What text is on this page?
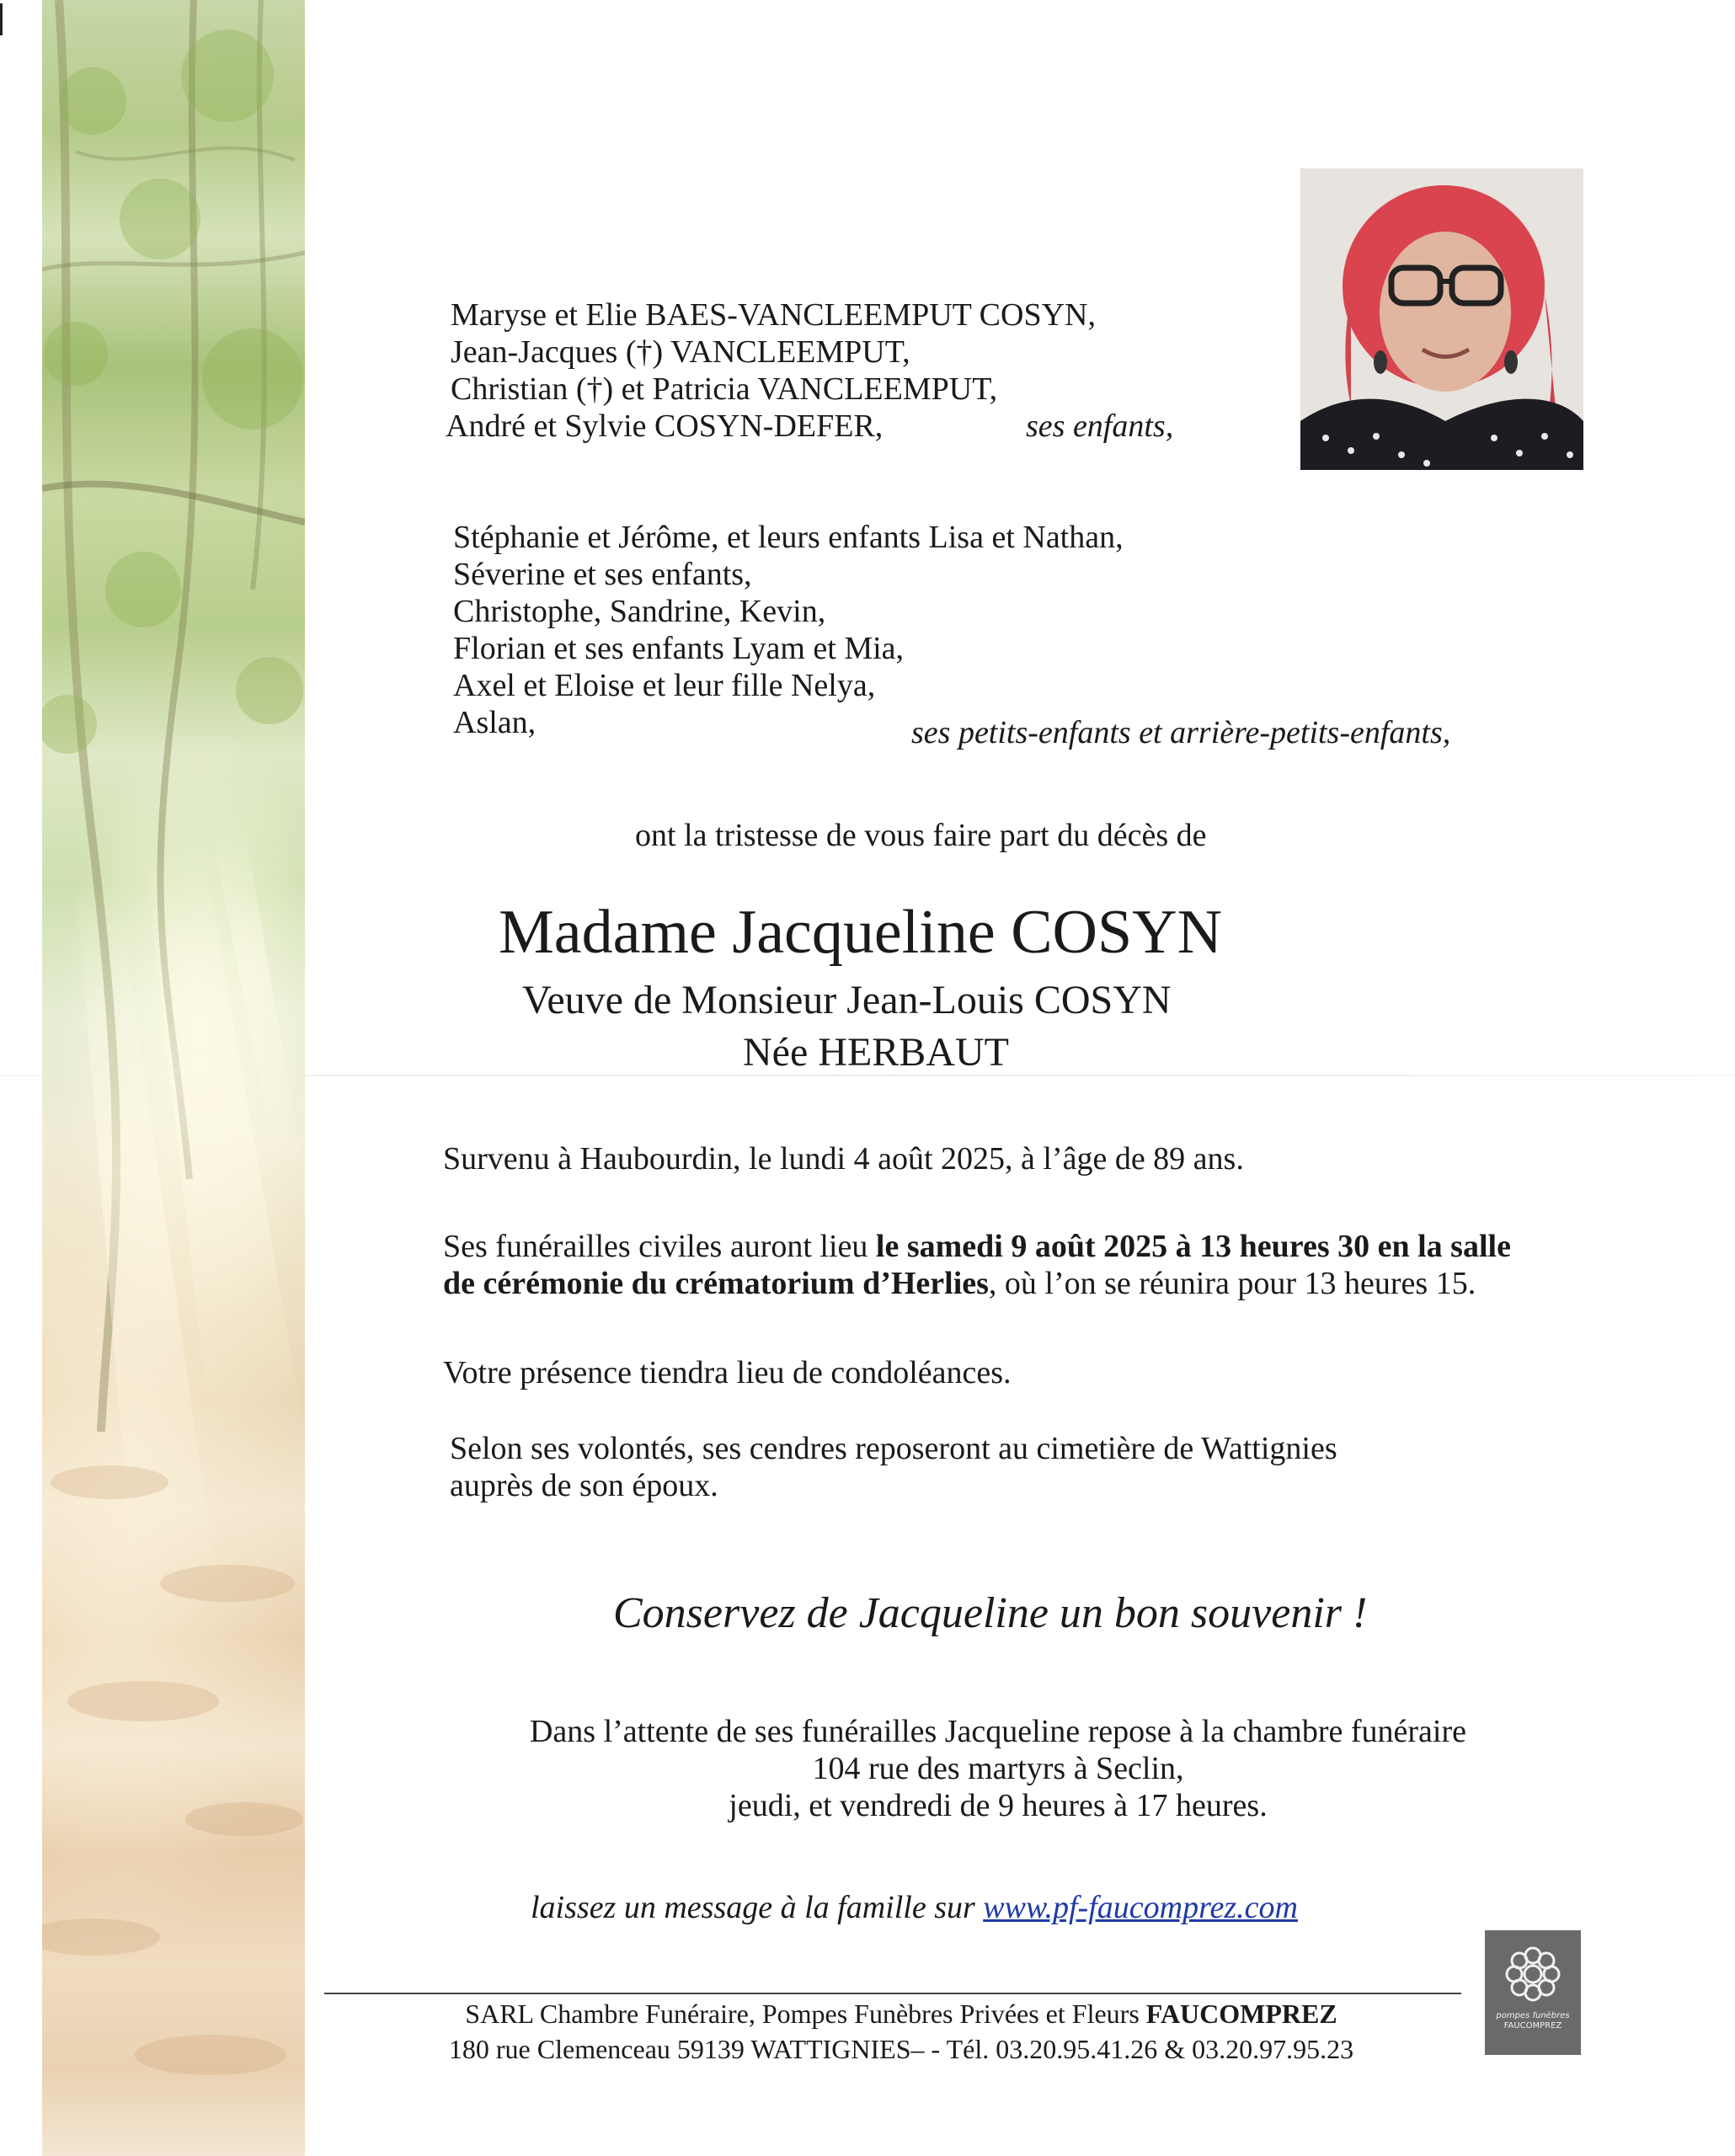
Maryse et Elie BAES-VANCLEEMPUT COSYN,
Jean-Jacques (†) VANCLEEMPUT,
Christian (†) et Patricia VANCLEEMPUT,
André et Sylvie COSYN-DEFER,	ses enfants,
Stéphanie et Jérôme, et leurs enfants Lisa et Nathan,
Séverine et ses enfants,
Christophe, Sandrine, Kevin,
Florian et ses enfants Lyam et Mia,
Axel et Eloise et leur fille Nelya,
Aslan,	ses petits-enfants et arrière-petits-enfants,
ont la tristesse de vous faire part du décès de
Madame Jacqueline COSYN
Veuve de Monsieur Jean-Louis COSYN
Née HERBAUT
Survenu à Haubourdin, le lundi 4 août 2025, à l’âge de 89 ans.
Ses funérailles civiles auront lieu le samedi 9 août 2025 à 13 heures 30 en la salle
de cérémonie du crématorium d’Herlies, où l’on se réunira pour 13 heures 15.
Votre présence tiendra lieu de condoléances.
Selon ses volontés, ses cendres reposeront au cimetière de Wattignies
auprès de son époux.
Conservez de Jacqueline un bon souvenir !
Dans l’attente de ses funérailles Jacqueline repose à la chambre funéraire
104 rue des martyrs à Seclin,
jeudi, et vendredi de 9 heures à 17 heures.
laissez un message à la famille sur www.pf-faucomprez.com
pompes funèbres
FAUCOMPREZ
SARL Chambre Funéraire, Pompes Funèbres Privées et Fleurs FAUCOMPREZ
180 rue Clemenceau 59139 WATTIGNIES– - Tél. 03.20.95.41.26 & 03.20.97.95.23
